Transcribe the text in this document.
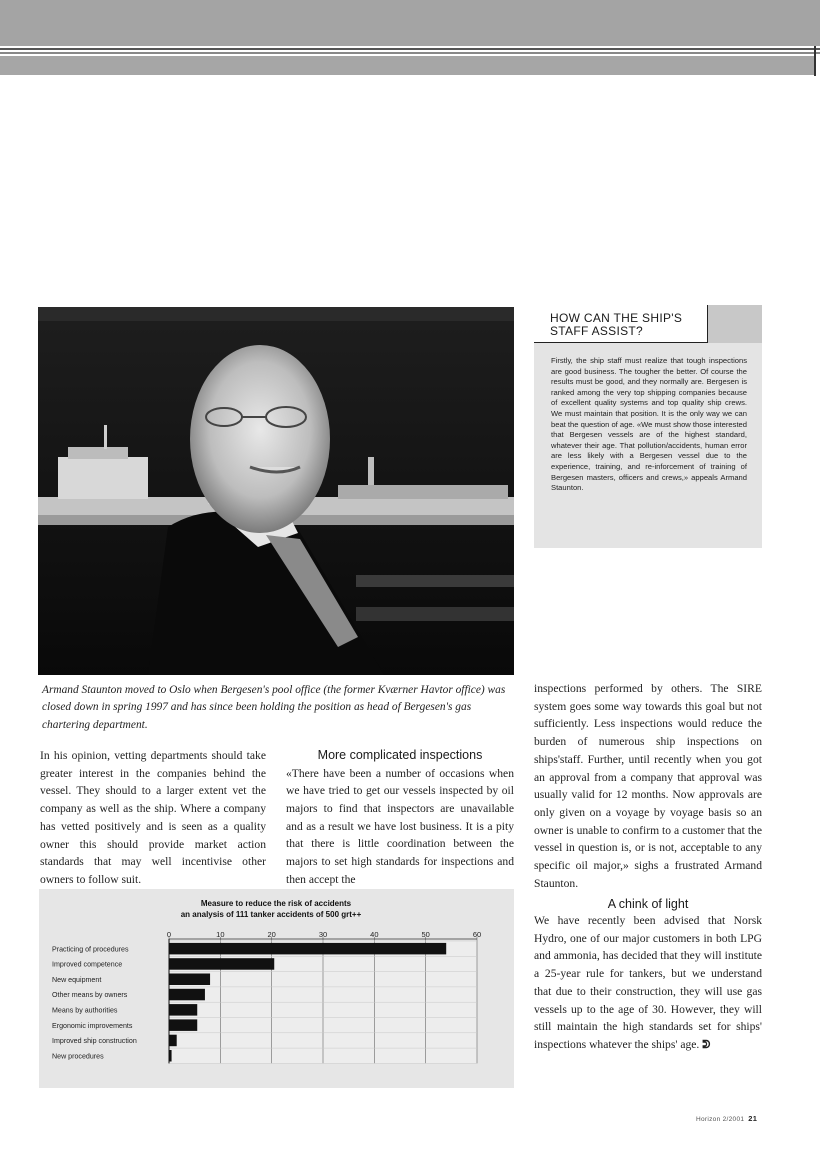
HOW CAN THE SHIP'S STAFF ASSIST?
Firstly, the ship staff must realize that tough inspections are good business. The tougher the better. Of course the results must be good, and they normally are. Bergesen is ranked among the very top shipping companies because of excellent quality systems and top quality ship crews. We must maintain that position. It is the only way we can beat the question of age. «We must show those interested that Bergesen vessels are of the highest standard, whatever their age. That pollution/accidents, human error are less likely with a Bergesen vessel due to the experience, training, and re-inforcement of training of Bergesen masters, officers and crews,» appeals Armand Staunton.
Armand Staunton moved to Oslo when Bergesen's pool office (the former Kværner Havtor office) was closed down in spring 1997 and has since been holding the position as head of Bergesen's gas chartering department.
In his opinion, vetting departments should take greater interest in the companies behind the vessel. They should to a larger extent vet the company as well as the ship. Where a company has vetted positively and is seen as a quality owner this should provide market action standards that may well incentivise other owners to follow suit.
More complicated inspections
«There have been a number of occasions when we have tried to get our vessels inspected by oil majors to find that inspectors are unavailable and as a result we have lost business. It is a pity that there is little coordination between the majors to set high standards for inspections and then accept the
inspections performed by others. The SIRE system goes some way towards this goal but not sufficiently. Less inspections would reduce the burden of numerous ship inspections on ships'staff. Further, until recently when you got an approval from a company that approval was usually valid for 12 months. Now approvals are only given on a voyage by voyage basis so an owner is unable to confirm to a customer that the vessel in question is, or is not, acceptable to any specific oil major,» sighs a frustrated Armand Staunton.
A chink of light
We have recently been advised that Norsk Hydro, one of our major customers in both LPG and ammonia, has decided that they will institute a 25-year rule for tankers, but we understand that due to their construction, they will use gas vessels up to the age of 30. However, they will still maintain the high standards set for ships' inspections whatever the ships' age. ᕲ
Measure to reduce the risk of accidents
an analysis of 111 tanker accidents of 500 grt++
0	10	20	30	40	50	60
Practicing of procedures
Improved competence
New equipment
Other means by owners
Means by authorities
Ergonomic improvements
Improved ship construction
New procedures
Horizon 2/2001 21
